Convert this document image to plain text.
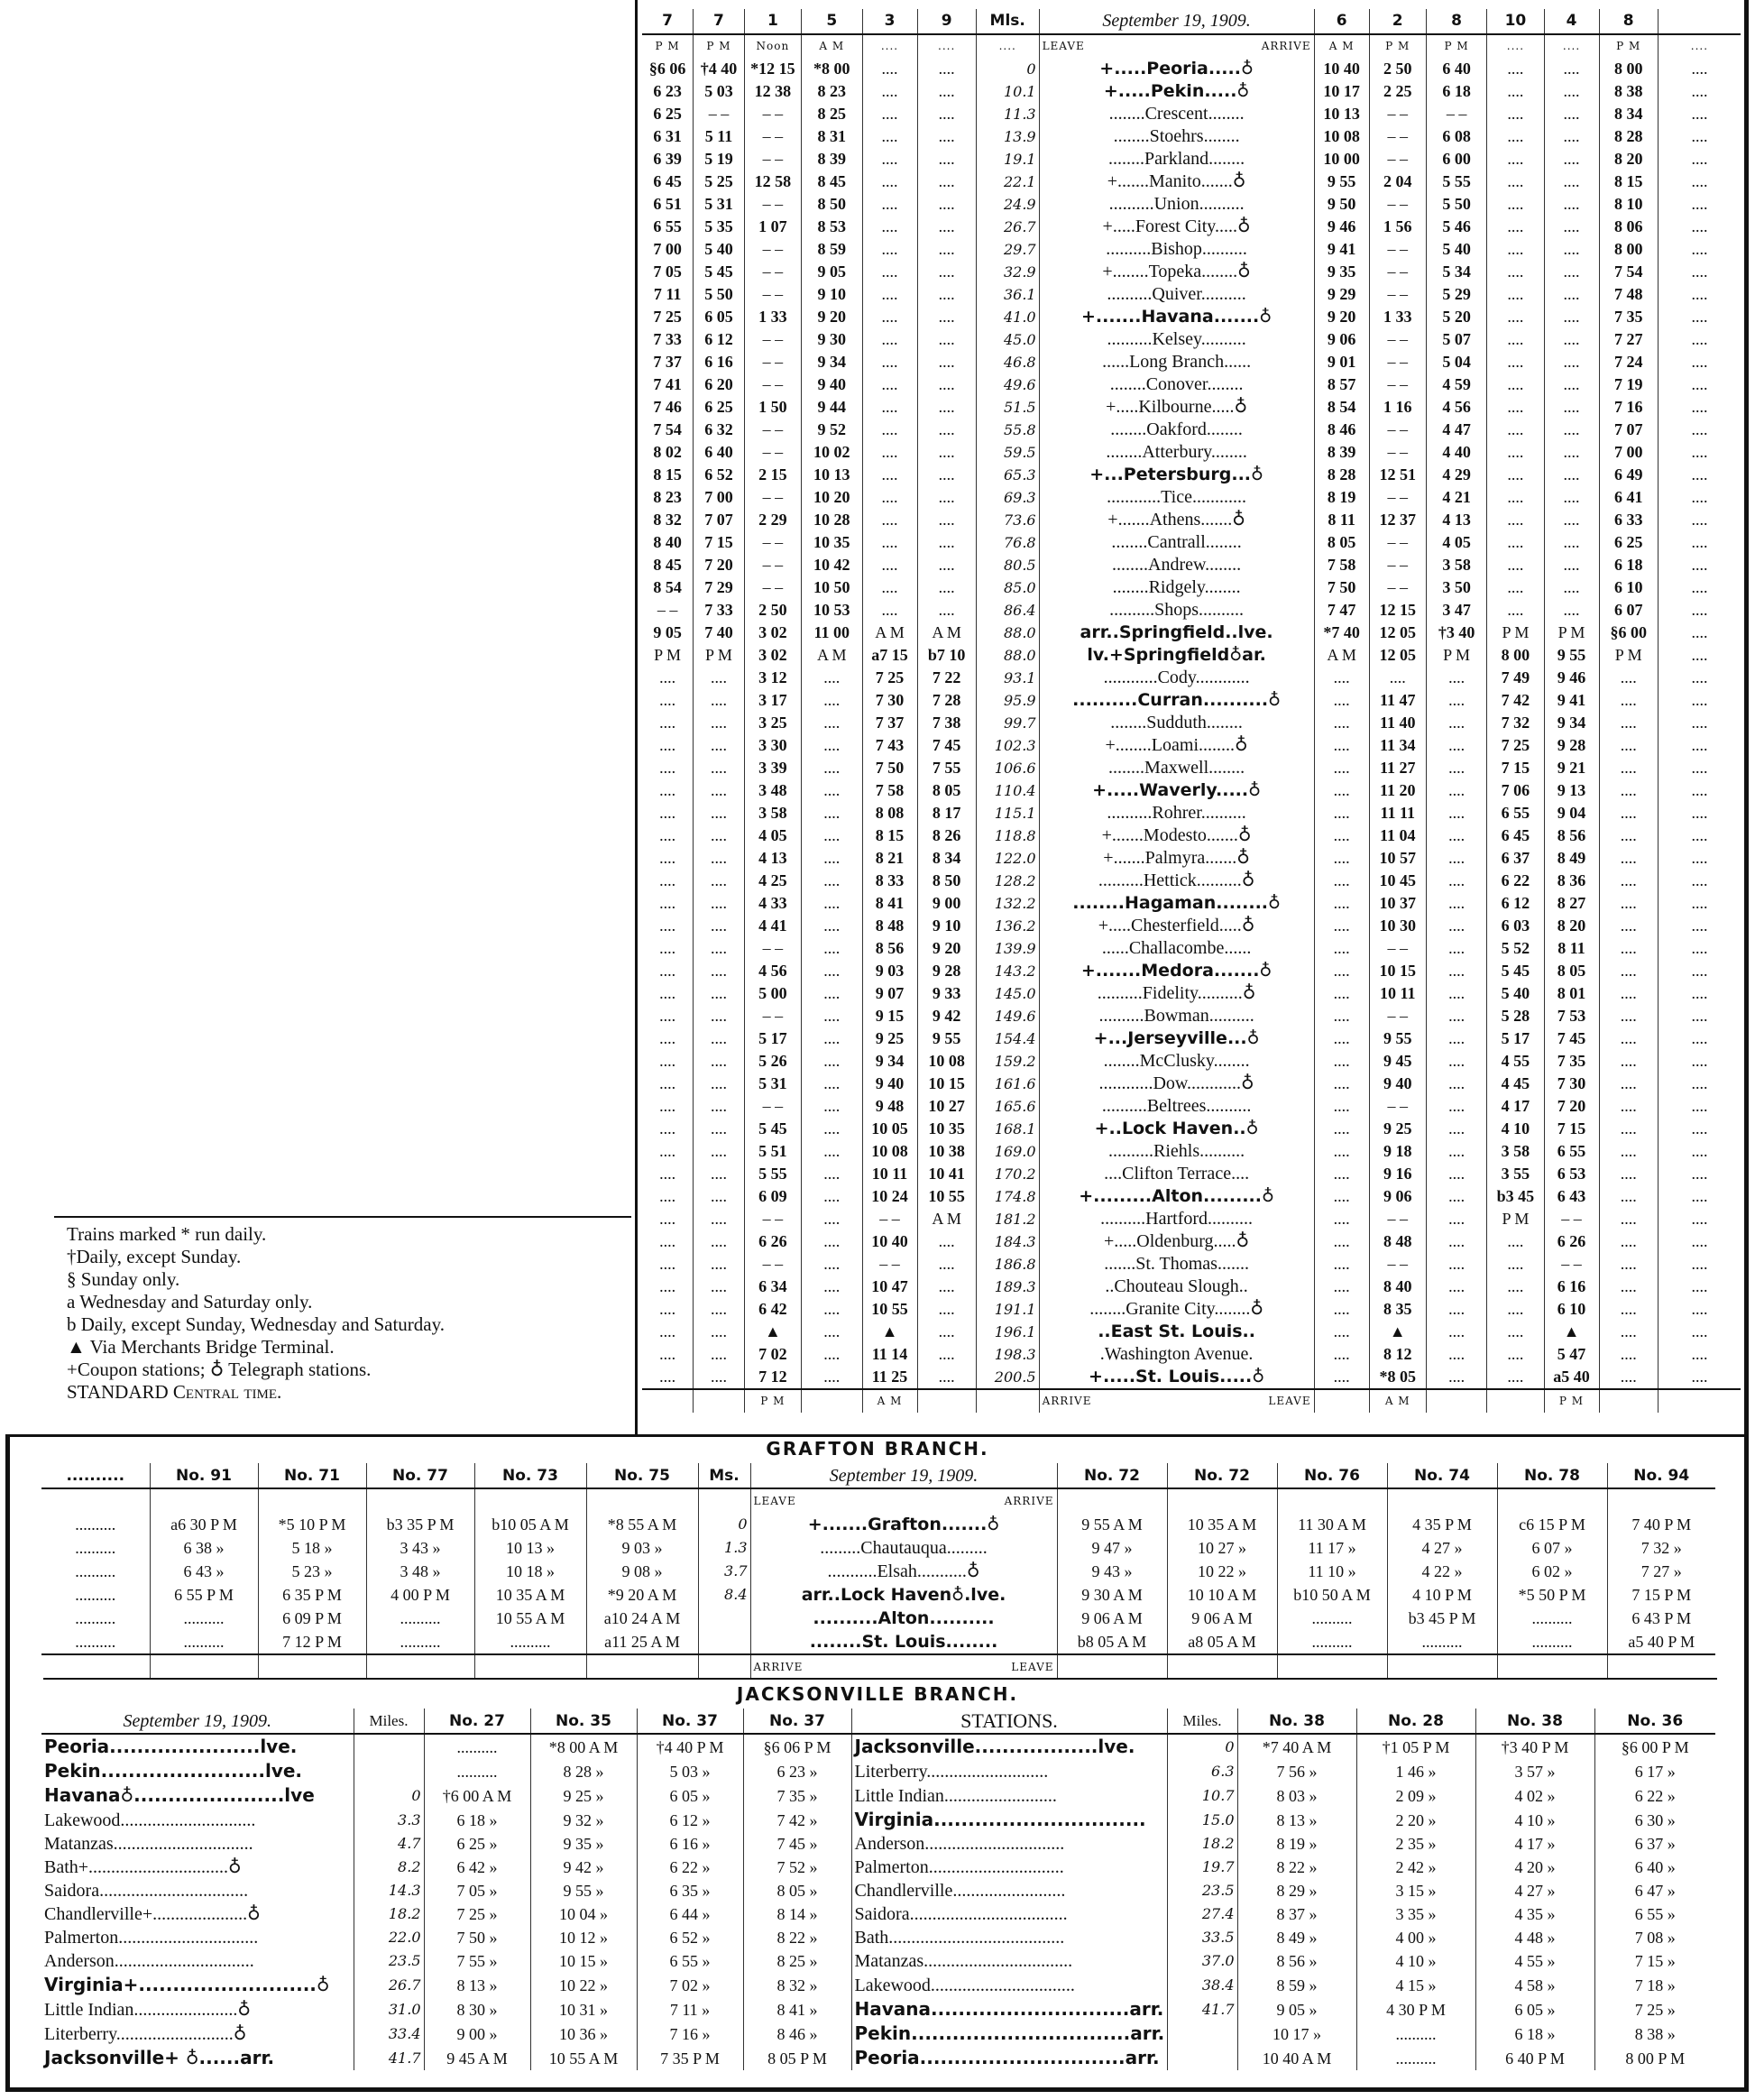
7	7	1	5	3	9	Mls.	September 19, 1909.	6	2	8	10	4	8	
P M	P M	Noon	A M	....	....	....	LEAVE ARRIVE	A M	P M	P M	....	....	P M	....
§6 06	†4 40	*12 15	*8 00	....	....	0	+.....Peoria.....♁	10 40	2 50	6 40	....	....	8 00	....
6 23	5 03	12 38	8 23	....	....	10.1	+.....Pekin.....♁	10 17	2 25	6 18	....	....	8 38	....
6 25	– –	– –	8 25	....	....	11.3	........Crescent........	10 13	– –	– –	....	....	8 34	....
6 31	5 11	– –	8 31	....	....	13.9	........Stoehrs........	10 08	– –	6 08	....	....	8 28	....
6 39	5 19	– –	8 39	....	....	19.1	........Parkland........	10 00	– –	6 00	....	....	8 20	....
6 45	5 25	12 58	8 45	....	....	22.1	+.......Manito.......♁	9 55	2 04	5 55	....	....	8 15	....
6 51	5 31	– –	8 50	....	....	24.9	..........Union..........	9 50	– –	5 50	....	....	8 10	....
6 55	5 35	1 07	8 53	....	....	26.7	+.....Forest City.....♁	9 46	1 56	5 46	....	....	8 06	....
7 00	5 40	– –	8 59	....	....	29.7	..........Bishop..........	9 41	– –	5 40	....	....	8 00	....
7 05	5 45	– –	9 05	....	....	32.9	+........Topeka........♁	9 35	– –	5 34	....	....	7 54	....
7 11	5 50	– –	9 10	....	....	36.1	..........Quiver..........	9 29	– –	5 29	....	....	7 48	....
7 25	6 05	1 33	9 20	....	....	41.0	+.......Havana.......♁	9 20	1 33	5 20	....	....	7 35	....
7 33	6 12	– –	9 30	....	....	45.0	..........Kelsey..........	9 06	– –	5 07	....	....	7 27	....
7 37	6 16	– –	9 34	....	....	46.8	......Long Branch......	9 01	– –	5 04	....	....	7 24	....
7 41	6 20	– –	9 40	....	....	49.6	........Conover........	8 57	– –	4 59	....	....	7 19	....
7 46	6 25	1 50	9 44	....	....	51.5	+.....Kilbourne.....♁	8 54	1 16	4 56	....	....	7 16	....
7 54	6 32	– –	9 52	....	....	55.8	........Oakford........	8 46	– –	4 47	....	....	7 07	....
8 02	6 40	– –	10 02	....	....	59.5	........Atterbury........	8 39	– –	4 40	....	....	7 00	....
8 15	6 52	2 15	10 13	....	....	65.3	+...Petersburg...♁	8 28	12 51	4 29	....	....	6 49	....
8 23	7 00	– –	10 20	....	....	69.3	............Tice............	8 19	– –	4 21	....	....	6 41	....
8 32	7 07	2 29	10 28	....	....	73.6	+.......Athens.......♁	8 11	12 37	4 13	....	....	6 33	....
8 40	7 15	– –	10 35	....	....	76.8	........Cantrall........	8 05	– –	4 05	....	....	6 25	....
8 45	7 20	– –	10 42	....	....	80.5	........Andrew........	7 58	– –	3 58	....	....	6 18	....
8 54	7 29	– –	10 50	....	....	85.0	........Ridgely........	7 50	– –	3 50	....	....	6 10	....
– –	7 33	2 50	10 53	....	....	86.4	..........Shops..........	7 47	12 15	3 47	....	....	6 07	....
9 05	7 40	3 02	11 00	A M	A M	88.0	arr..Springfield..lve.	*7 40	12 05	†3 40	P M	P M	§6 00	....
P M	P M	3 02	A M	a7 15	b7 10	88.0	lv.+Springfield♁ar.	A M	12 05	P M	8 00	9 55	P M	....
....	....	3 12	....	7 25	7 22	93.1	............Cody............	....	....	....	7 49	9 46	....	....
....	....	3 17	....	7 30	7 28	95.9	..........Curran..........♁	....	11 47	....	7 42	9 41	....	....
....	....	3 25	....	7 37	7 38	99.7	........Sudduth........	....	11 40	....	7 32	9 34	....	....
....	....	3 30	....	7 43	7 45	102.3	+........Loami........♁	....	11 34	....	7 25	9 28	....	....
....	....	3 39	....	7 50	7 55	106.6	........Maxwell........	....	11 27	....	7 15	9 21	....	....
....	....	3 48	....	7 58	8 05	110.4	+.....Waverly.....♁	....	11 20	....	7 06	9 13	....	....
....	....	3 58	....	8 08	8 17	115.1	..........Rohrer..........	....	11 11	....	6 55	9 04	....	....
....	....	4 05	....	8 15	8 26	118.8	+.......Modesto.......♁	....	11 04	....	6 45	8 56	....	....
....	....	4 13	....	8 21	8 34	122.0	+.......Palmyra.......♁	....	10 57	....	6 37	8 49	....	....
....	....	4 25	....	8 33	8 50	128.2	..........Hettick..........♁	....	10 45	....	6 22	8 36	....	....
....	....	4 33	....	8 41	9 00	132.2	........Hagaman........♁	....	10 37	....	6 12	8 27	....	....
....	....	4 41	....	8 48	9 10	136.2	+.....Chesterfield.....♁	....	10 30	....	6 03	8 20	....	....
....	....	– –	....	8 56	9 20	139.9	......Challacombe......	....	– –	....	5 52	8 11	....	....
....	....	4 56	....	9 03	9 28	143.2	+.......Medora.......♁	....	10 15	....	5 45	8 05	....	....
....	....	5 00	....	9 07	9 33	145.0	..........Fidelity..........♁	....	10 11	....	5 40	8 01	....	....
....	....	– –	....	9 15	9 42	149.6	..........Bowman..........	....	– –	....	5 28	7 53	....	....
....	....	5 17	....	9 25	9 55	154.4	+...Jerseyville...♁	....	9 55	....	5 17	7 45	....	....
....	....	5 26	....	9 34	10 08	159.2	........McClusky........	....	9 45	....	4 55	7 35	....	....
....	....	5 31	....	9 40	10 15	161.6	............Dow............♁	....	9 40	....	4 45	7 30	....	....
....	....	– –	....	9 48	10 27	165.6	..........Beltrees..........	....	– –	....	4 17	7 20	....	....
....	....	5 45	....	10 05	10 35	168.1	+..Lock Haven..♁	....	9 25	....	4 10	7 15	....	....
....	....	5 51	....	10 08	10 38	169.0	..........Riehls..........	....	9 18	....	3 58	6 55	....	....
....	....	5 55	....	10 11	10 41	170.2	....Clifton Terrace....	....	9 16	....	3 55	6 53	....	....
....	....	6 09	....	10 24	10 55	174.8	+.........Alton.........♁	....	9 06	....	b3 45	6 43	....	....
....	....	– –	....	– –	A M	181.2	..........Hartford..........	....	– –	....	P M	– –	....	....
....	....	6 26	....	10 40	....	184.3	+.....Oldenburg.....♁	....	8 48	....	....	6 26	....	....
....	....	– –	....	– –	....	186.8	.......St. Thomas.......	....	– –	....	....	– –	....	....
....	....	6 34	....	10 47	....	189.3	..Chouteau Slough..	....	8 40	....	....	6 16	....	....
....	....	6 42	....	10 55	....	191.1	........Granite City........♁	....	8 35	....	....	6 10	....	....
....	....	▲	....	▲	....	196.1	..East St. Louis..	....	▲	....	....	▲	....	....
....	....	7 02	....	11 14	....	198.3	.Washington Avenue.	....	8 12	....	....	5 47	....	....
....	....	7 12	....	11 25	....	200.5	+.....St. Louis.....♁	....	*8 05	....	....	a5 40	....	....
		P M		A M			ARRIVE LEAVE		A M			P M		
Trains marked * run daily.
†Daily, except Sunday.
§ Sunday only.
a Wednesday and Saturday only.
b Daily, except Sunday, Wednesday and Saturday.
▲ Via Merchants Bridge Terminal.
+Coupon stations; ♁ Telegraph stations.
STANDARD Central time.
GRAFTON BRANCH.
..........	No. 91	No. 71	No. 77	No. 73	No. 75	Ms.	September 19, 1909.	No. 72	No. 72	No. 76	No. 74	No. 78	No. 94
							LEAVE ARRIVE						

..........	a6 30 P M	*5 10 P M	b3 35 P M	b10 05 A M	*8 55 A M	0	+.......Grafton.......♁	9 55 A M	10 35 A M	11 30 A M	4 35 P M	c6 15 P M	7 40 P M
..........	6 38 »	5 18 »	3 43 »	10 13 »	9 03 »	1.3	.........Chautauqua.........	9 47 »	10 27 »	11 17 »	4 27 »	6 07 »	7 32 »
..........	6 43 »	5 23 »	3 48 »	10 18 »	9 08 »	3.7	...........Elsah...........♁	9 43 »	10 22 »	11 10 »	4 22 »	6 02 »	7 27 »
..........	6 55 P M	6 35 P M	4 00 P M	10 35 A M	*9 20 A M	8.4	arr..Lock Haven♁.lve.	9 30 A M	10 10 A M	b10 50 A M	4 10 P M	*5 50 P M	7 15 P M
..........	..........	6 09 P M	..........	10 55 A M	a10 24 A M		..........Alton..........	9 06 A M	9 06 A M	..........	b3 45 P M	..........	6 43 P M
..........	..........	7 12 P M	..........	..........	a11 25 A M		........St. Louis........	b8 05 A M	a8 05 A M	..........	..........	..........	a5 40 P M
							ARRIVE LEAVE						

JACKSONVILLE BRANCH.
September 19, 1909.	Miles.	No. 27	No. 35	No. 37	No. 37	STATIONS.	Miles.	No. 38	No. 28	No. 38	No. 36
Peoria......................lve.		..........	*8 00 A M	†4 40 P M	§6 06 P M	Jacksonville..................lve.	0	*7 40 A M	†1 05 P M	†3 40 P M	§6 00 P M
Pekin........................lve.		..........	8 28 »	5 03 »	6 23 »	Literberry...........................	6.3	7 56 »	1 46 »	3 57 »	6 17 »
Havana♁......................lve	0	†6 00 A M	9 25 »	6 05 »	7 35 »	Little Indian.........................	10.7	8 03 »	2 09 »	4 02 »	6 22 »
Lakewood..............................	3.3	6 18 »	9 32 »	6 12 »	7 42 »	Virginia...............................	15.0	8 13 »	2 20 »	4 10 »	6 30 »
Matanzas...............................	4.7	6 25 »	9 35 »	6 16 »	7 45 »	Anderson...............................	18.2	8 19 »	2 35 »	4 17 »	6 37 »
Bath+...............................♁	8.2	6 42 »	9 42 »	6 22 »	7 52 »	Palmerton..............................	19.7	8 22 »	2 42 »	4 20 »	6 40 »
Saidora.................................	14.3	7 05 »	9 55 »	6 35 »	8 05 »	Chandlerville.........................	23.5	8 29 »	3 15 »	4 27 »	6 47 »
Chandlerville+.....................♁	18.2	7 25 »	10 04 »	6 44 »	8 14 »	Saidora...................................	27.4	8 37 »	3 35 »	4 35 »	6 55 »
Palmerton...............................	22.0	7 50 »	10 12 »	6 52 »	8 22 »	Bath.......................................	33.5	8 49 »	4 00 »	4 48 »	7 08 »
Anderson...............................	23.5	7 55 »	10 15 »	6 55 »	8 25 »	Matanzas.................................	37.0	8 56 »	4 10 »	4 55 »	7 15 »
Virginia+..........................♁	26.7	8 13 »	10 22 »	7 02 »	8 32 »	Lakewood................................	38.4	8 59 »	4 15 »	4 58 »	7 18 »
Little Indian.......................♁	31.0	8 30 »	10 31 »	7 11 »	8 41 »	Havana.............................arr.	41.7	9 05 »	4 30 P M	6 05 »	7 25 »
Literberry..........................♁	33.4	9 00 »	10 36 »	7 16 »	8 46 »	Pekin................................arr.		10 17 »	..........	6 18 »	8 38 »
Jacksonville+ ♁......arr.	41.7	9 45 A M	10 55 A M	7 35 P M	8 05 P M	Peoria..............................arr.		10 40 A M	..........	6 40 P M	8 00 P M
